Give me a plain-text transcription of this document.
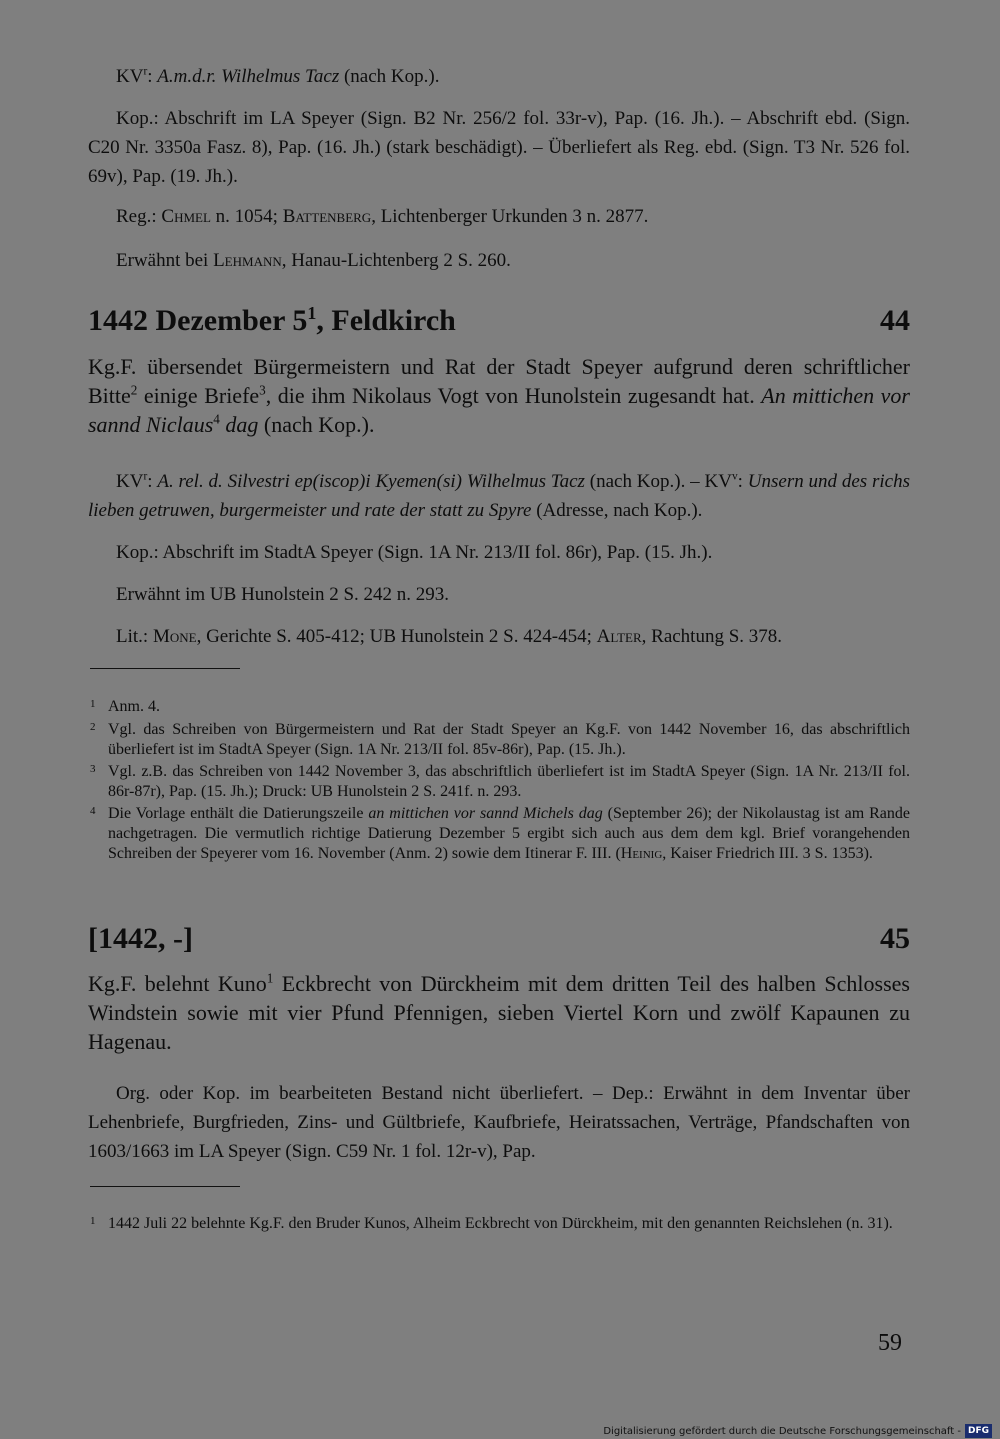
$KV^r$: A.m.d.r. Wilhelmus Tacz (nach Kop.).

Kop.: Abschrift im LA Speyer (Sign. B2 Nr. 256/2 fol. 33r-v), Pap. (16. Jh.). – Abschrift ebd. (Sign. C20 Nr. 3350a Fasz. 8), Pap. (16. Jh.) (stark beschädigt). – Überliefert als Reg. ebd. (Sign. T3 Nr. 526 fol. 69v), Pap. (19. Jh.).

Reg.: Chmel n. 1054; Battenberg, Lichtenberger Urkunden 3 n. 2877.

Erwähnt bei Lehmann, Hanau-Lichtenberg 2 S. 260.

1442 Dezember $5^1$, Feldkirch	44

Kg.F. übersendet Bürgermeistern und Rat der Stadt Speyer aufgrund deren schriftlicher Bitte$^2$ einige Briefe$^3$, die ihm Nikolaus Vogt von Hunolstein zugesandt hat. An mittichen vor sannd Niclaus$^4$ dag (nach Kop.).

$KV^r$: A. rel. d. Silvestri ep(iscop)i Kyemen(si) Wilhelmus Tacz (nach Kop.). – $KV^v$: Unsern und des richs lieben getruwen, burgermeister und rate der statt zu Spyre (Adresse, nach Kop.).

Kop.: Abschrift im StadtA Speyer (Sign. 1A Nr. 213/II fol. 86r), Pap. (15. Jh.).

Erwähnt im UB Hunolstein 2 S. 242 n. 293.

Lit.: Mone, Gerichte S. 405-412; UB Hunolstein 2 S. 424-454; Alter, Rachtung S. 378.

1 Anm. 4.

2 Vgl. das Schreiben von Bürgermeistern und Rat der Stadt Speyer an Kg.F. von 1442 November 16, das abschriftlich überliefert ist im StadtA Speyer (Sign. 1A Nr. 213/II fol. 85v-86r), Pap. (15. Jh.).

3 Vgl. z.B. das Schreiben von 1442 November 3, das abschriftlich überliefert ist im StadtA Speyer (Sign. 1A Nr. 213/II fol. 86r-87r), Pap. (15. Jh.); Druck: UB Hunolstein 2 S. 241f. n. 293.

4 Die Vorlage enthält die Datierungszeile an mittichen vor sannd Michels dag (September 26); der Nikolaustag ist am Rande nachgetragen. Die vermutlich richtige Datierung Dezember 5 ergibt sich auch aus dem dem kgl. Brief vorangehenden Schreiben der Speyerer vom 16. November (Anm. 2) sowie dem Itinerar F. III. (Heinig, Kaiser Friedrich III. 3 S. 1353).

[1442, -]	45

Kg.F. belehnt Kuno$^1$ Eckbrecht von Dürckheim mit dem dritten Teil des halben Schlosses Windstein sowie mit vier Pfund Pfennigen, sieben Viertel Korn und zwölf Kapaunen zu Hagenau.

Org. oder Kop. im bearbeiteten Bestand nicht überliefert. – Dep.: Erwähnt in dem Inventar über Lehenbriefe, Burgfrieden, Zins- und Gültbriefe, Kaufbriefe, Heiratssachen, Verträge, Pfandschaften von 1603/1663 im LA Speyer (Sign. C59 Nr. 1 fol. 12r-v), Pap.

1 1442 Juli 22 belehnte Kg.F. den Bruder Kunos, Alheim Eckbrecht von Dürckheim, mit den genannten Reichslehen (n. 31).

59
Digitalisierung gefördert durch die Deutsche Forschungsgemeinschaft - DFG
